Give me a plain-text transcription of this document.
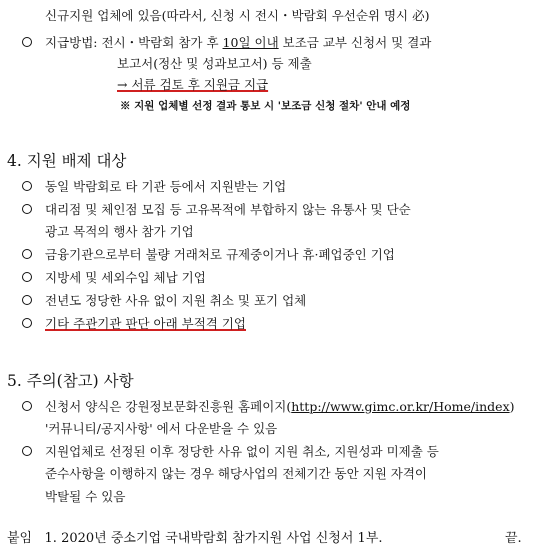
신규지원 업체에 있음(따라서, 신청 시 전시・박람회 우선순위 명시 必)
지급방법: 전시・박람회 참가 후 10일 이내 보조금 교부 신청서 및 결과
보고서(정산 및 성과보고서) 등 제출
→ 서류 검토 후 지원금 지급
※ 지원 업체별 선정 결과 통보 시 '보조금 신청 절차' 안내 예정
4. 지원 배제 대상
동일 박람회로 타 기관 등에서 지원받는 기업
대리점 및 체인점 모집 등 고유목적에 부합하지 않는 유통사 및 단순
광고 목적의 행사 참가 기업
금융기관으로부터 불량 거래처로 규제중이거나 휴·폐업중인 기업
지방세 및 세외수입 체납 기업
전년도 정당한 사유 없이 지원 취소 및 포기 업체
기타 주관기관 판단 아래 부적격 기업
5. 주의(참고) 사항
신청서 양식은 강원정보문화진흥원 홈페이지(http://www.gimc.or.kr/Home/index)
'커뮤니티/공지사항' 에서 다운받을 수 있음
지원업체로 선정된 이후 정당한 사유 없이 지원 취소, 지원성과 미제출 등
준수사항을 이행하지 않는 경우 해당사업의 전체기간 동안 지원 자격이
박탈될 수 있음
붙임 1. 2020년 중소기업 국내박람회 참가지원 사업 신청서 1부.	끝.
